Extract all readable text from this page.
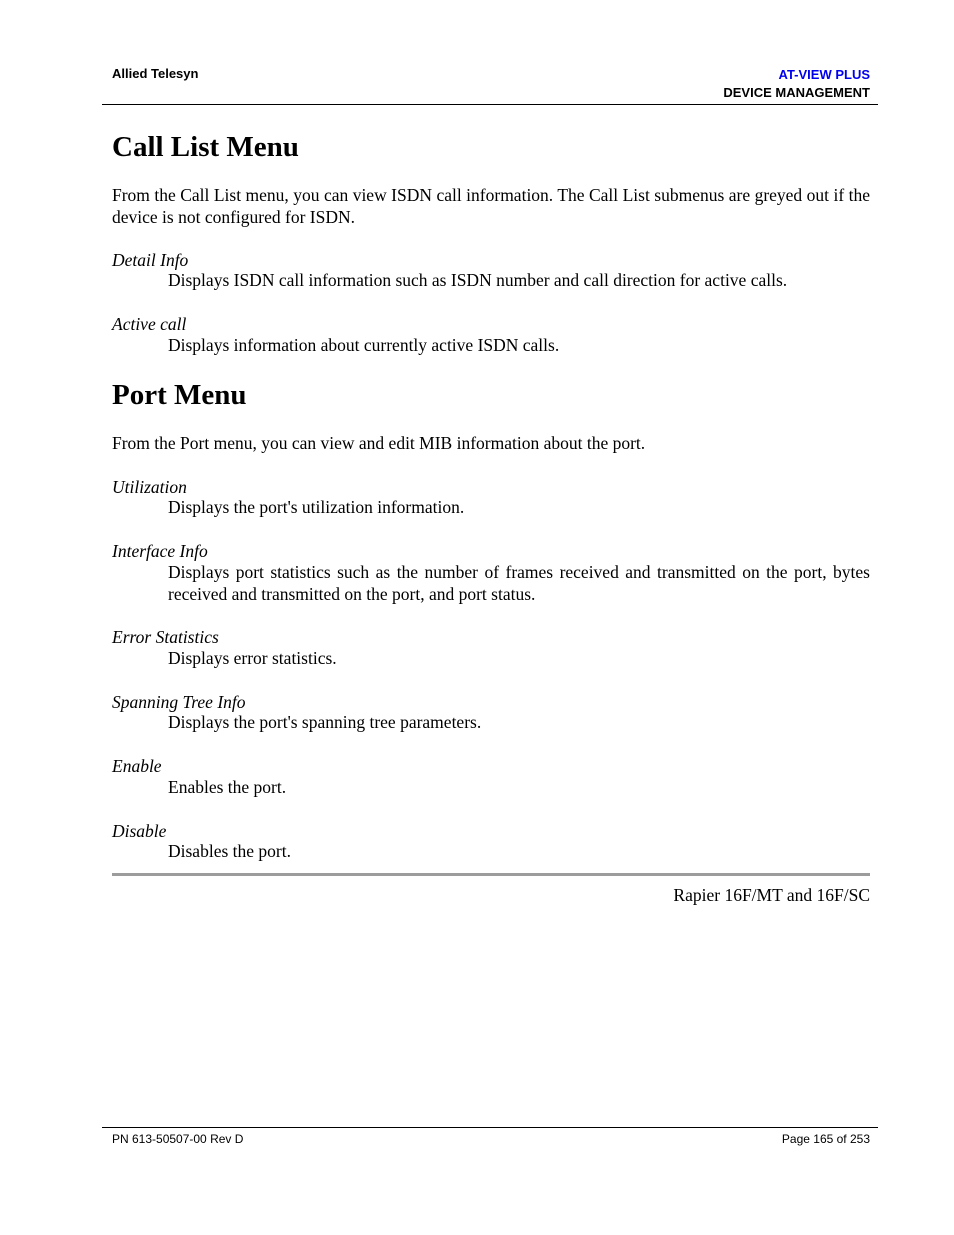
Allied Telesyn	AT-VIEW PLUS
DEVICE MANAGEMENT
Call List Menu
From the Call List menu, you can view ISDN call information. The Call List submenus are greyed out if the device is not configured for ISDN.
Detail Info
Displays ISDN call information such as ISDN number and call direction for active calls.
Active call
Displays information about currently active ISDN calls.
Port Menu
From the Port menu, you can view and edit MIB information about the port.
Utilization
Displays the port's utilization information.
Interface Info
Displays port statistics such as the number of frames received and transmitted on the port, bytes received and transmitted on the port, and port status.
Error Statistics
Displays error statistics.
Spanning Tree Info
Displays the port's spanning tree parameters.
Enable
Enables the port.
Disable
Disables the port.
Rapier 16F/MT and 16F/SC
PN 613-50507-00 Rev D	Page 165 of 253
